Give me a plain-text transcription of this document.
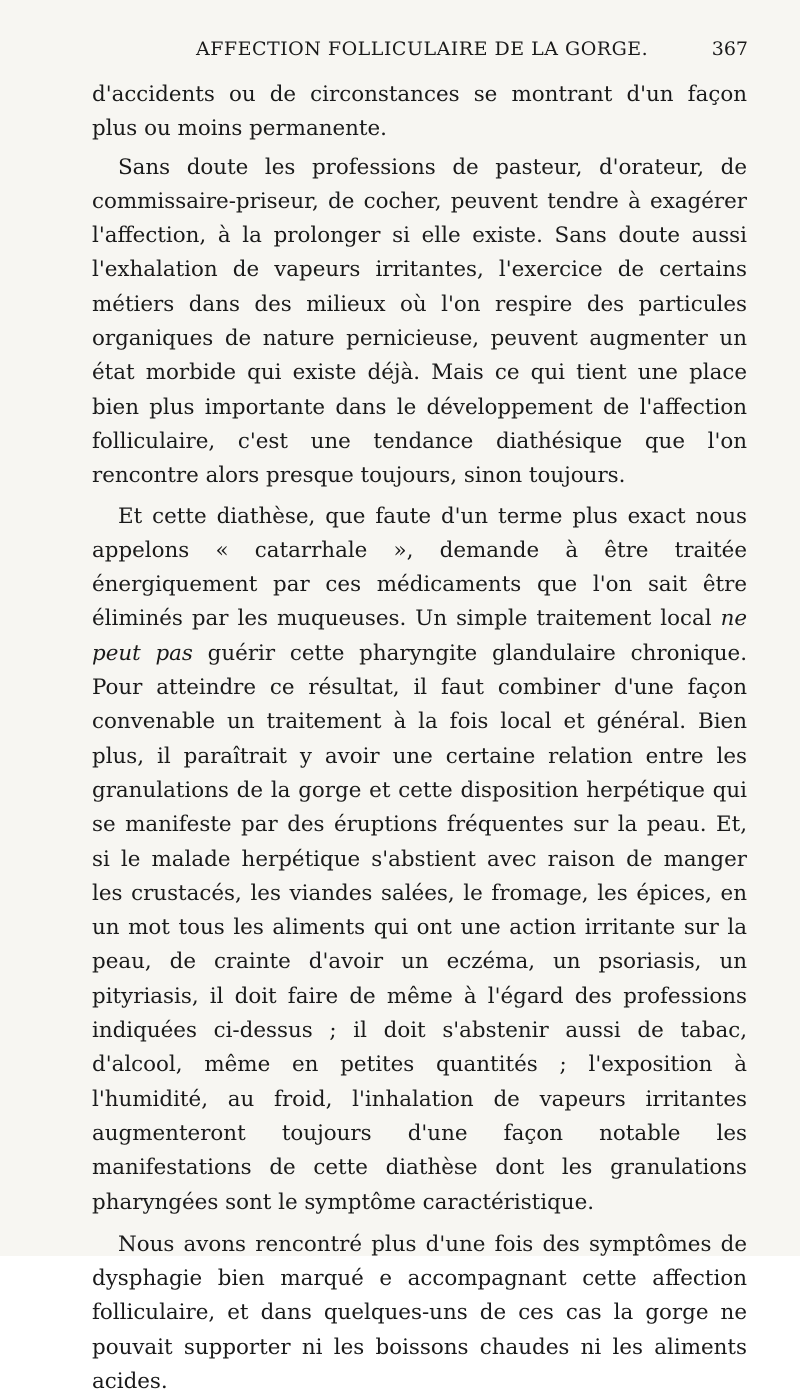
AFFECTION FOLLICULAIRE DE LA GORGE.	367

d'accidents ou de circonstances se montrant d'un façon plus ou moins permanente.

Sans doute les professions de pasteur, d'orateur, de commissaire-priseur, de cocher, peuvent tendre à exagérer l'affection, à la prolonger si elle existe. Sans doute aussi l'exhalation de vapeurs irritantes, l'exercice de certains métiers dans des milieux où l'on respire des particules organiques de nature pernicieuse, peuvent augmenter un état morbide qui existe déjà. Mais ce qui tient une place bien plus importante dans le développement de l'affection folliculaire, c'est une tendance diathésique que l'on rencontre alors presque toujours, sinon toujours.

Et cette diathèse, que faute d'un terme plus exact nous appelons « catarrhale », demande à être traitée énergiquement par ces médicaments que l'on sait être éliminés par les muqueuses. Un simple traitement local ne peut pas guérir cette pharyngite glandulaire chronique. Pour atteindre ce résultat, il faut combiner d'une façon convenable un traitement à la fois local et général. Bien plus, il paraîtrait y avoir une certaine relation entre les granulations de la gorge et cette disposition herpétique qui se manifeste par des éruptions fréquentes sur la peau. Et, si le malade herpétique s'abstient avec raison de manger les crustacés, les viandes salées, le fromage, les épices, en un mot tous les aliments qui ont une action irritante sur la peau, de crainte d'avoir un eczéma, un psoriasis, un pityriasis, il doit faire de même à l'égard des professions indiquées ci-dessus ; il doit s'abstenir aussi de tabac, d'alcool, même en petites quantités ; l'exposition à l'humidité, au froid, l'inhalation de vapeurs irritantes augmenteront toujours d'une façon notable les manifestations de cette diathèse dont les granulations pharyngées sont le symptôme caractéristique.

Nous avons rencontré plus d'une fois des symptômes de dysphagie bien marqué e accompagnant cette affection folliculaire, et dans quelques-uns de ces cas la gorge ne pouvait supporter ni les boissons chaudes ni les aliments acides.
